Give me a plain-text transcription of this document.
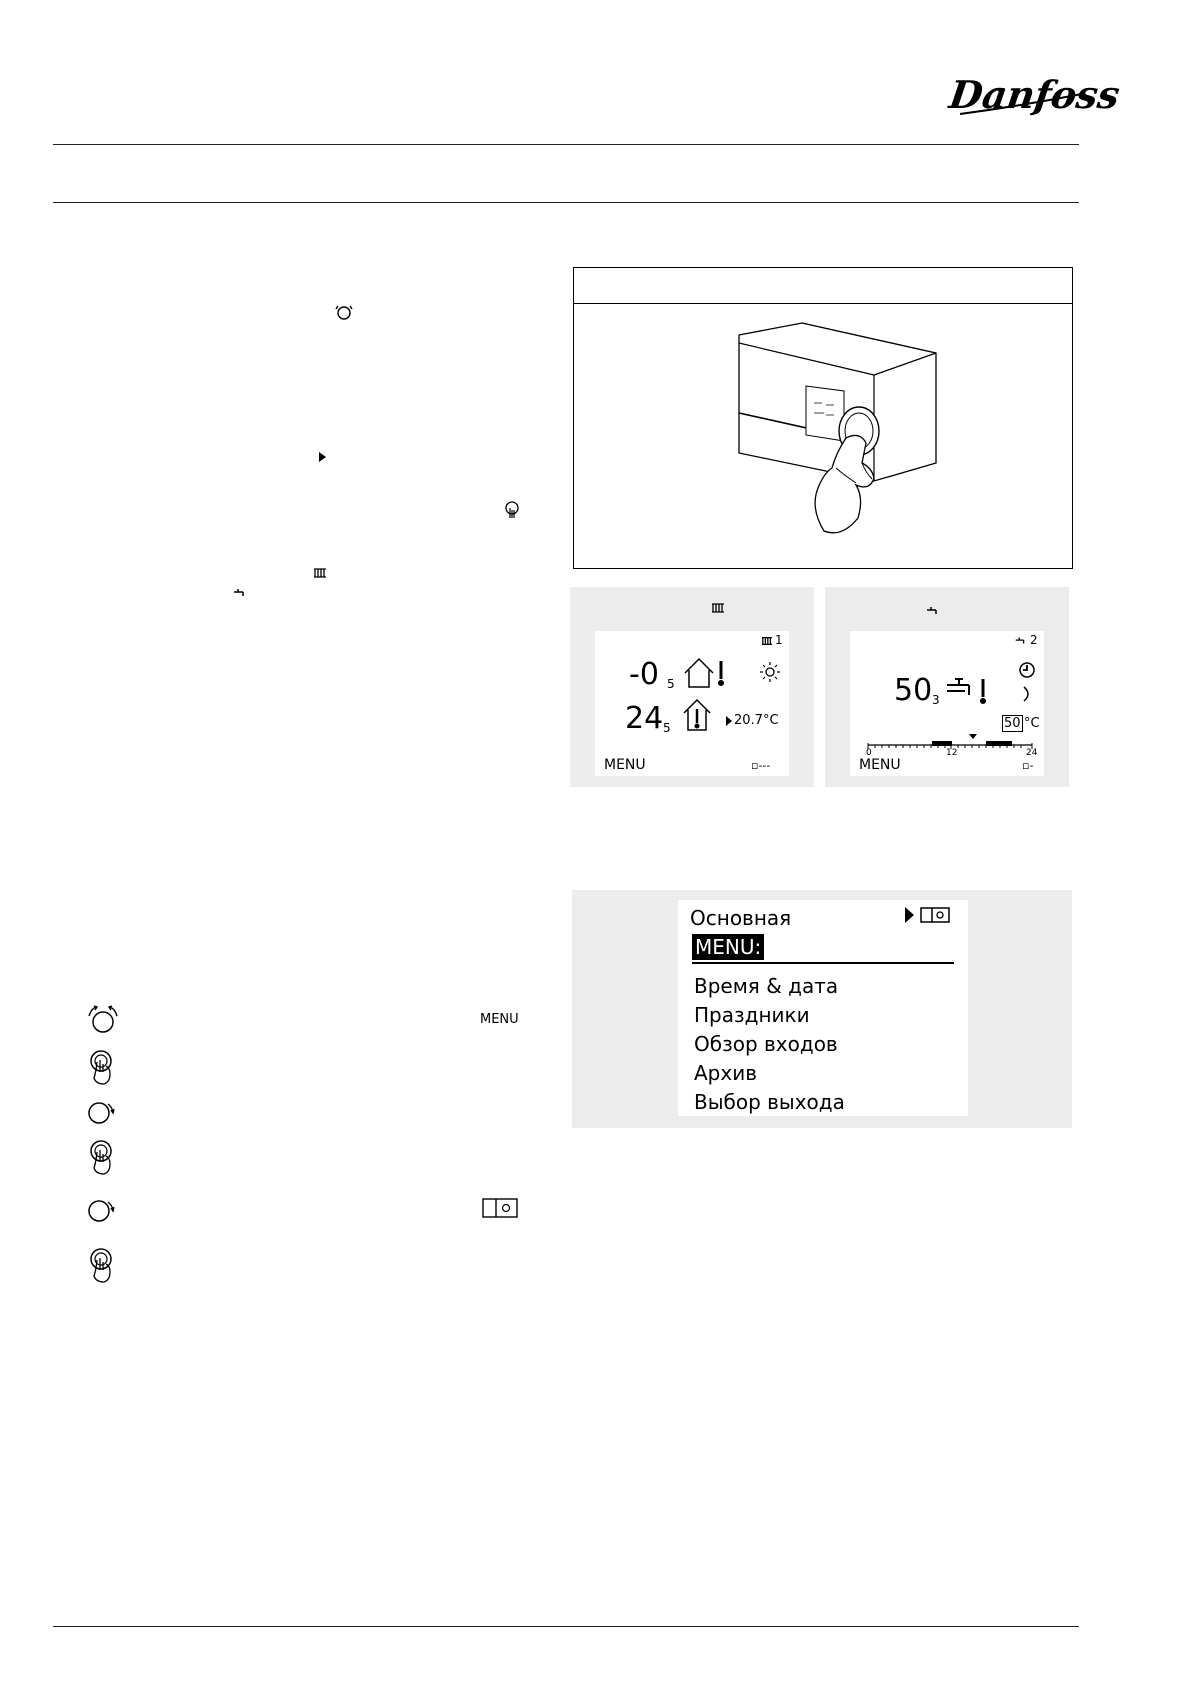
Danfoss
1
-0 5
24 5	20.7°C
MENU	▫---
2
50 3
50 °C
0	12	24
MENU	▫-
Основная
MENU:
Время & дата
Праздники
Обзор входов
Архив
Выбор выхода
MENU
